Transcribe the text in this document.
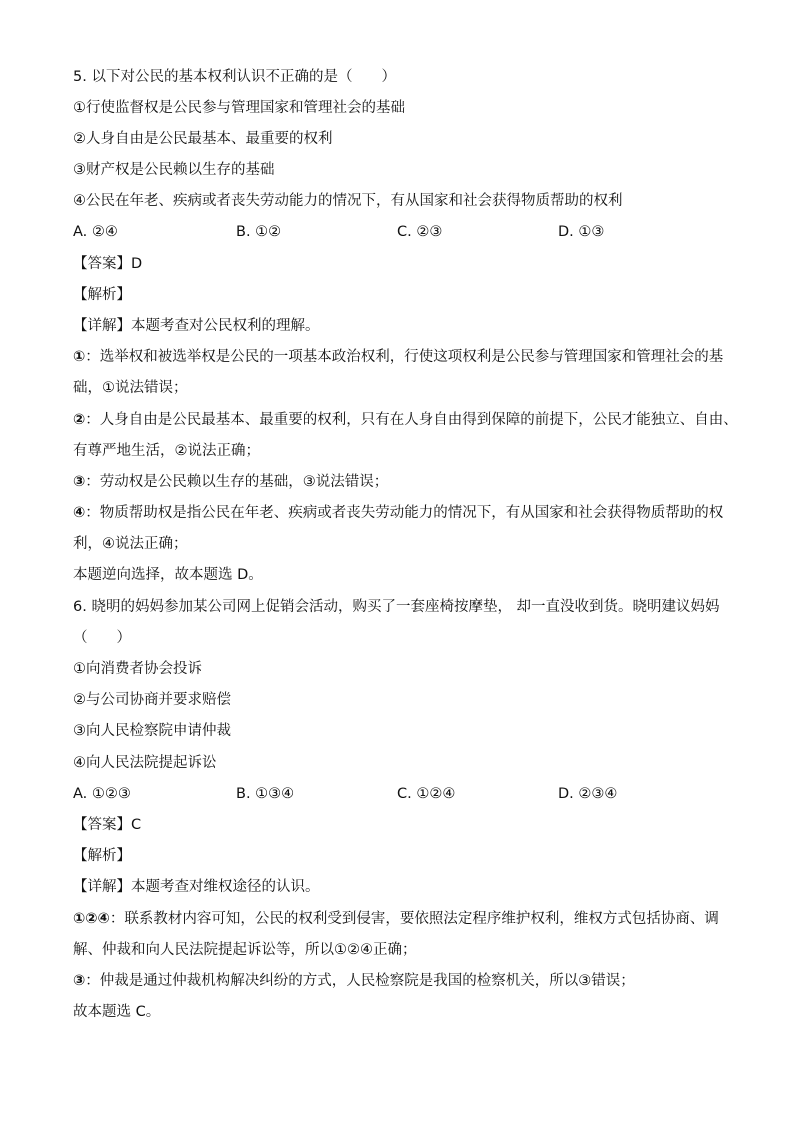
5. 以下对公民的基本权利认识不正确的是（　　）
①行使监督权是公民参与管理国家和管理社会的基础
②人身自由是公民最基本、最重要的权利
③财产权是公民赖以生存的基础
④公民在年老、疾病或者丧失劳动能力的情况下，有从国家和社会获得物质帮助的权利
A. ②④	B. ①②	C. ②③	D. ①③
【答案】D
【解析】
【详解】本题考查对公民权利的理解。
①：选举权和被选举权是公民的一项基本政治权利，行使这项权利是公民参与管理国家和管理社会的基
础，①说法错误；
②：人身自由是公民最基本、最重要的权利，只有在人身自由得到保障的前提下，公民才能独立、自由、
有尊严地生活，②说法正确；
③：劳动权是公民赖以生存的基础，③说法错误；
④：物质帮助权是指公民在年老、疾病或者丧失劳动能力的情况下，有从国家和社会获得物质帮助的权
利，④说法正确；
本题逆向选择，故本题选 D。
6. 晓明的妈妈参加某公司网上促销会活动，购买了一套座椅按摩垫， 却一直没收到货。晓明建议妈妈
（　　）
①向消费者协会投诉
②与公司协商并要求赔偿
③向人民检察院申请仲裁
④向人民法院提起诉讼
A. ①②③	B. ①③④	C. ①②④	D. ②③④
【答案】C
【解析】
【详解】本题考查对维权途径的认识。
①②④：联系教材内容可知，公民的权利受到侵害，要依照法定程序维护权利，维权方式包括协商、调
解、仲裁和向人民法院提起诉讼等，所以①②④正确；
③：仲裁是通过仲裁机构解决纠纷的方式，人民检察院是我国的检察机关，所以③错误；
故本题选 C。
